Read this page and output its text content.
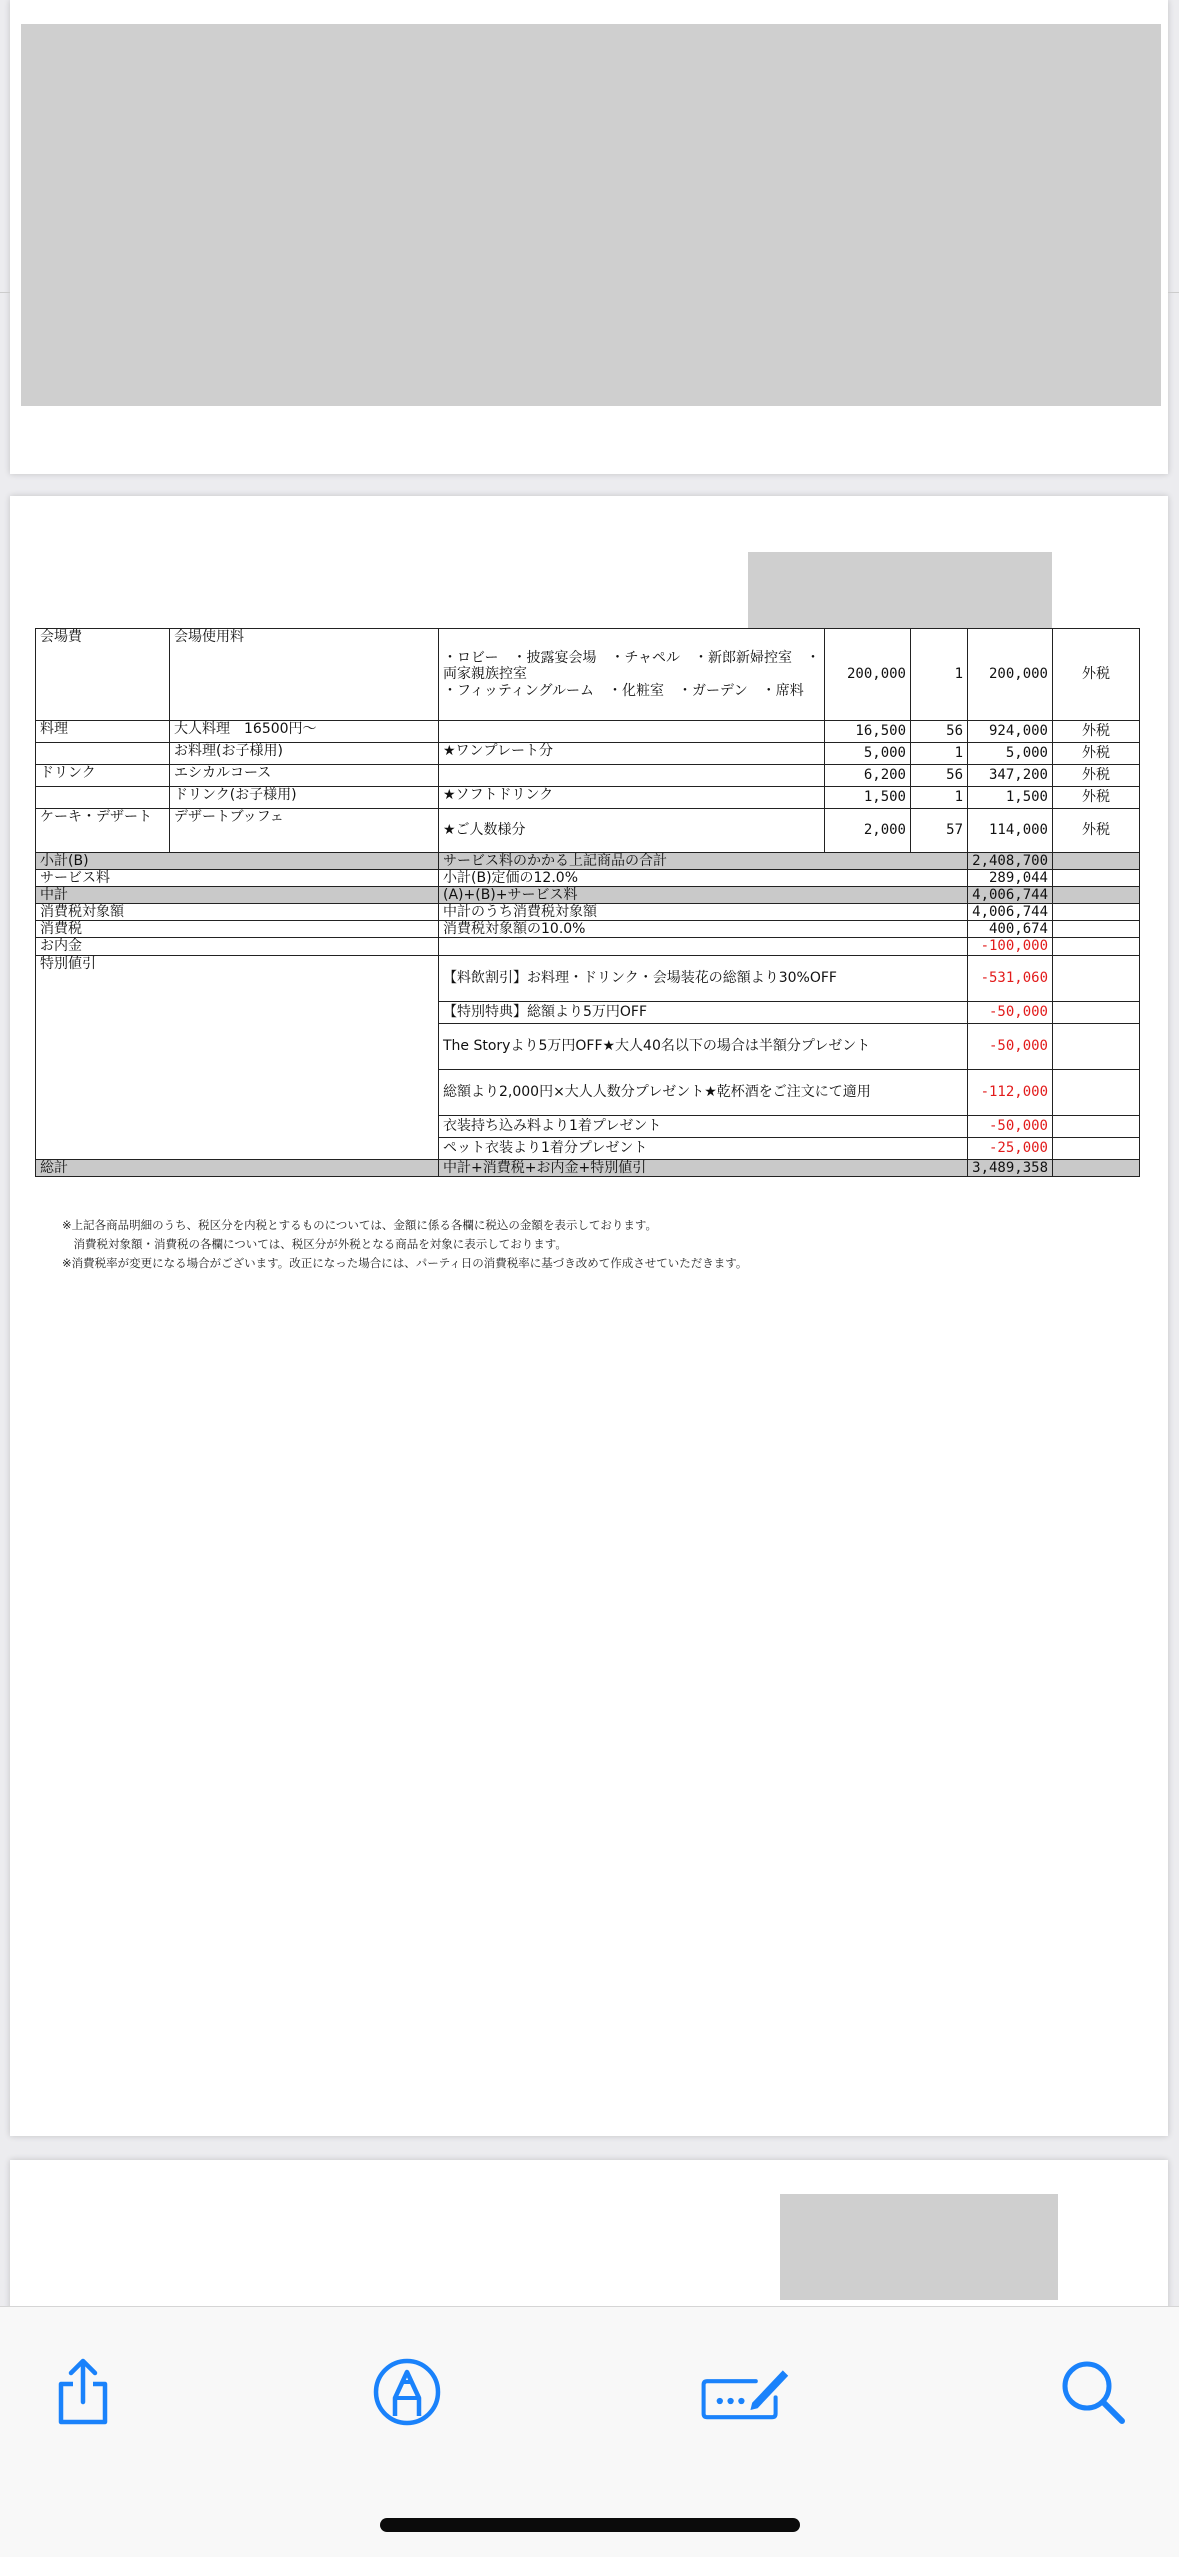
会場費	会場使用料	・ロビー　・披露宴会場　・チャペル　・新郎新婦控室　・
両家親族控室
・フィッティングルーム　・化粧室　・ガーデン　・席料	200,000	1	200,000	外税
料理	大人料理　16500円～		16,500	56	924,000	外税
	お料理(お子様用)	★ワンプレート分	5,000	1	5,000	外税
ドリンク	エシカルコース		6,200	56	347,200	外税
	ドリンク(お子様用)	★ソフトドリンク	1,500	1	1,500	外税
ケーキ・デザート	デザートブッフェ	★ご人数様分	2,000	57	114,000	外税
小計(B)		サービス料のかかる上記商品の合計			2,408,700	
サービス料		小計(B)定価の12.0%			289,044	
中計		(A)+(B)+サービス料			4,006,744	
消費税対象額		中計のうち消費税対象額			4,006,744	
消費税		消費税対象額の10.0%			400,674	
お内金					-100,000	
特別値引		【料飲割引】お料理・ドリンク・会場装花の総額より30%OFF			-531,060	
		【特別特典】総額より5万円OFF			-50,000	
		The Storyより5万円OFF★大人40名以下の場合は半額分プレゼント			-50,000	
		総額より2,000円×大人人数分プレゼント★乾杯酒をご注文にて適用			-112,000	
		衣装持ち込み料より1着プレゼント			-50,000	
		ペット衣装より1着分プレゼント			-25,000	
総計		中計+消費税+お内金+特別値引			3,489,358	
※上記各商品明細のうち、税区分を内税とするものについては、金額に係る各欄に税込の金額を表示しております。
　消費税対象額・消費税の各欄については、税区分が外税となる商品を対象に表示しております。
※消費税率が変更になる場合がございます。改正になった場合には、パーティ日の消費税率に基づき改めて作成させていただきます。
